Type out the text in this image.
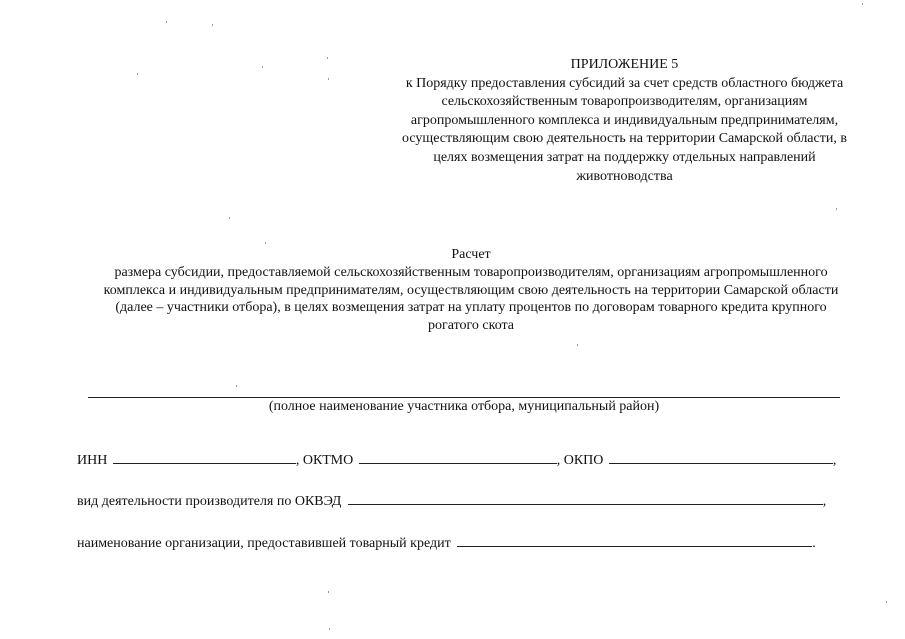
ПРИЛОЖЕНИЕ 5
к Порядку предоставления субсидий за счет средств областного бюджета сельскохозяйственным товаропроизводителям, организациям агропромышленного комплекса и индивидуальным предпринимателям, осуществляющим свою деятельность на территории Самарской области, в целях возмещения затрат на поддержку отдельных направлений животноводства
Расчет
размера субсидии, предоставляемой сельскохозяйственным товаропроизводителям, организациям агропромышленного комплекса и индивидуальным предпринимателям, осуществляющим свою деятельность на территории Самарской области (далее – участники отбора), в целях возмещения затрат на уплату процентов по договорам товарного кредита крупного рогатого скота
(полное наименование участника отбора, муниципальный район)
ИНН	, ОКТМО	, ОКПО	,
вид деятельности производителя по ОКВЭД	,
наименование организации, предоставившей товарный кредит	.
